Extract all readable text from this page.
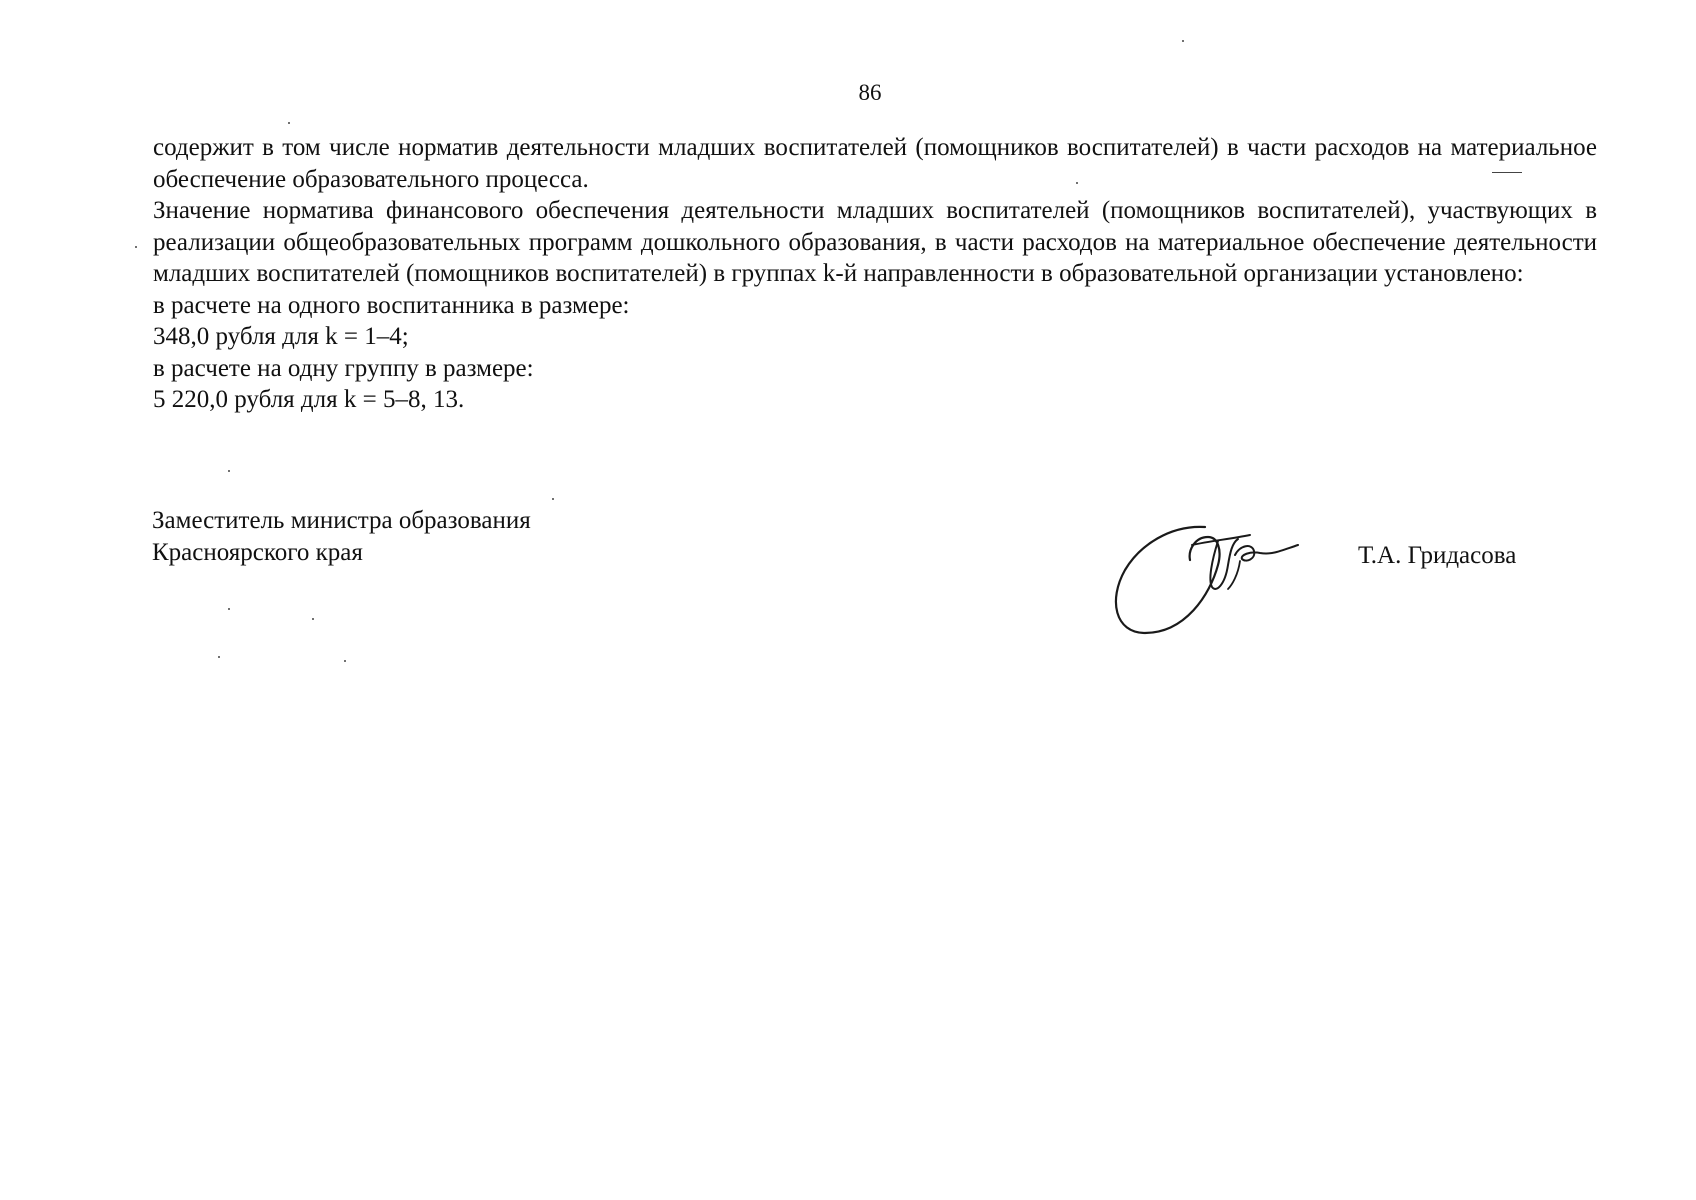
86

содержит в том числе норматив деятельности младших воспитателей (помощников воспитателей) в части расходов на материальное обеспечение образовательного процесса.

Значение норматива финансового обеспечения деятельности младших воспитателей (помощников воспитателей), участвующих в реализации общеобразовательных программ дошкольного образования, в части расходов на материальное обеспечение деятельности младших воспитателей (помощников воспитателей) в группах k-й направленности в образовательной организации установлено:

в расчете на одного воспитанника в размере:

348,0 рубля для k = 1–4;

в расчете на одну группу в размере:

5 220,0 рубля для k = 5–8, 13.

Заместитель министра образования
Красноярского края	Т.А. Гридасова
